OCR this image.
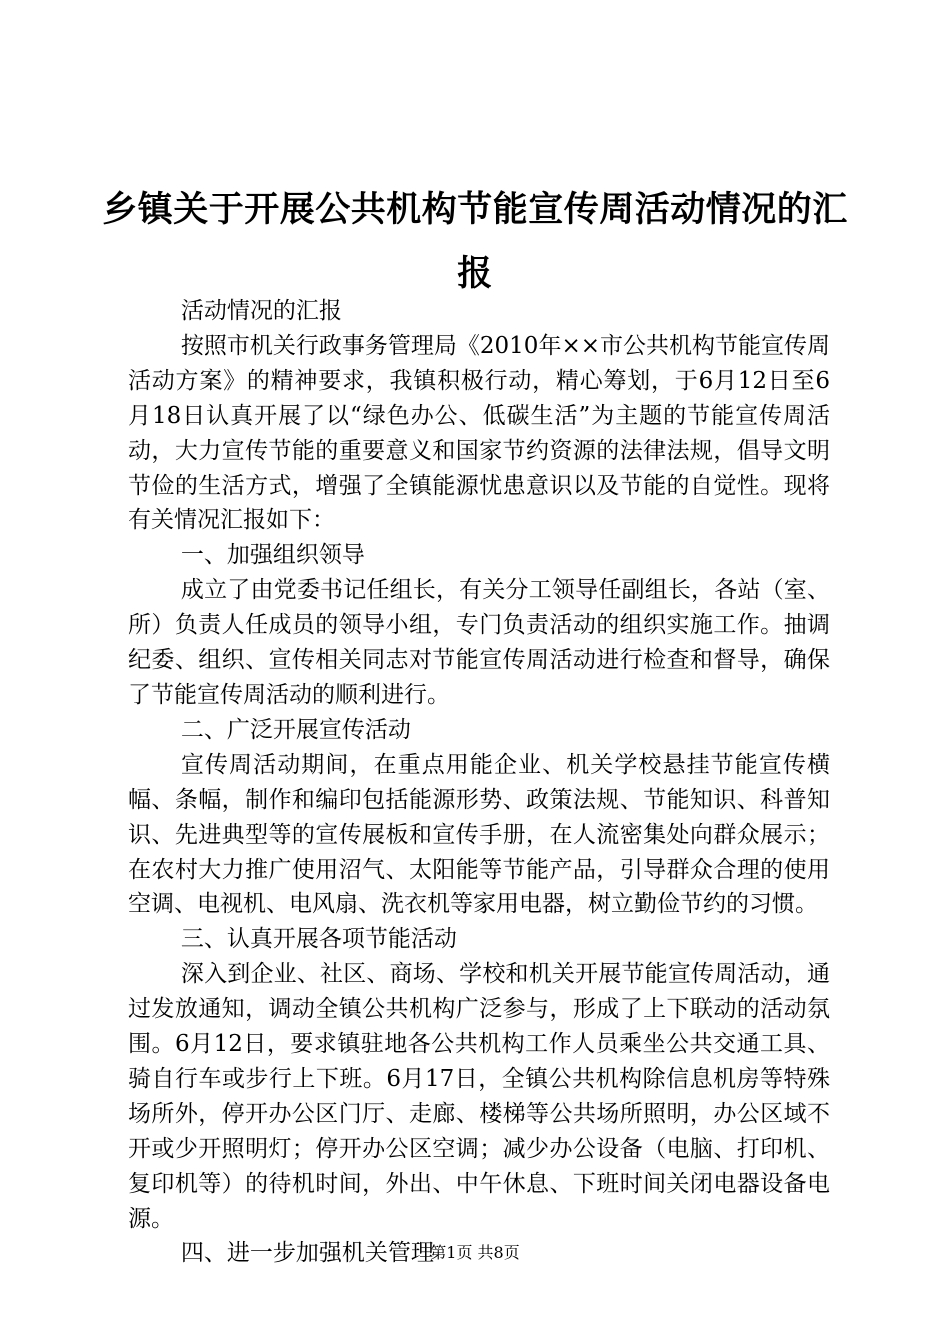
乡镇关于开展公共机构节能宣传周活动情况的汇报

活动情况的汇报

按照市机关行政事务管理局《2010年××市公共机构节能宣传周活动方案》的精神要求，我镇积极行动，精心筹划，于6月12日至6月18日认真开展了以“绿色办公、低碳生活”为主题的节能宣传周活动，大力宣传节能的重要意义和国家节约资源的法律法规，倡导文明节俭的生活方式，增强了全镇能源忧患意识以及节能的自觉性。现将有关情况汇报如下：

一、加强组织领导

成立了由党委书记任组长，有关分工领导任副组长，各站（室、所）负责人任成员的领导小组，专门负责活动的组织实施工作。抽调纪委、组织、宣传相关同志对节能宣传周活动进行检查和督导，确保了节能宣传周活动的顺利进行。

二、广泛开展宣传活动

宣传周活动期间，在重点用能企业、机关学校悬挂节能宣传横幅、条幅，制作和编印包括能源形势、政策法规、节能知识、科普知识、先进典型等的宣传展板和宣传手册，在人流密集处向群众展示；在农村大力推广使用沼气、太阳能等节能产品，引导群众合理的使用空调、电视机、电风扇、洗衣机等家用电器，树立勤俭节约的习惯。

三、认真开展各项节能活动

深入到企业、社区、商场、学校和机关开展节能宣传周活动，通过发放通知，调动全镇公共机构广泛参与，形成了上下联动的活动氛围。6月12日，要求镇驻地各公共机构工作人员乘坐公共交通工具、骑自行车或步行上下班。6月17日，全镇公共机构除信息机房等特殊场所外，停开办公区门厅、走廊、楼梯等公共场所照明，办公区域不开或少开照明灯；停开办公区空调；减少办公设备（电脑、打印机、复印机等）的待机时间，外出、中午休息、下班时间关闭电器设备电源。

四、进一步加强机关管理

第1页 共8页
